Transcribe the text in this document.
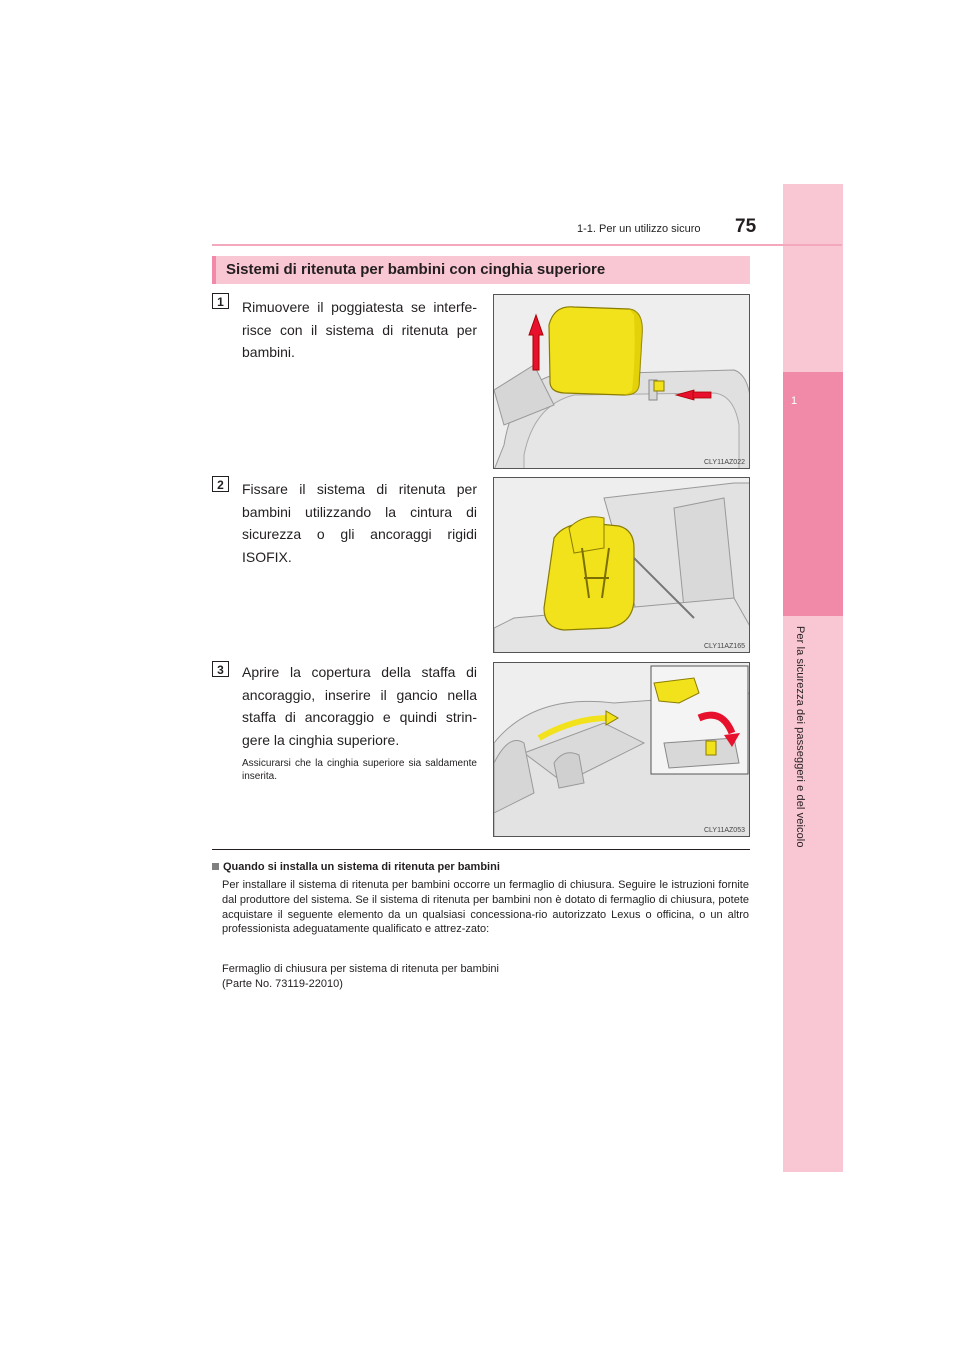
1
Per la sicurezza dei passeggeri e del veicolo
1-1. Per un utilizzo sicuro 75
Sistemi di ritenuta per bambini con cinghia superiore
1	Rimuovere il poggiatesta se interfe-risce con il sistema di ritenuta per bambini.
CLY11AZ022
2	Fissare il sistema di ritenuta per bambini utilizzando la cintura di sicurezza o gli ancoraggi rigidi ISOFIX.
CLY11AZ165
3	Aprire la copertura della staffa di ancoraggio, inserire il gancio nella staffa di ancoraggio e quindi strin-gere la cinghia superiore.
Assicurarsi che la cinghia superiore sia saldamente inserita.
CLY11AZ053
Quando si installa un sistema di ritenuta per bambini
Per installare il sistema di ritenuta per bambini occorre un fermaglio di chiusura. Seguire le istruzioni fornite dal produttore del sistema. Se il sistema di ritenuta per bambini non è dotato di fermaglio di chiusura, potete acquistare il seguente elemento da un qualsiasi concessiona-rio autorizzato Lexus o officina, o un altro professionista adeguatamente qualificato e attrez-zato:
Fermaglio di chiusura per sistema di ritenuta per bambini
(Parte No. 73119-22010)
